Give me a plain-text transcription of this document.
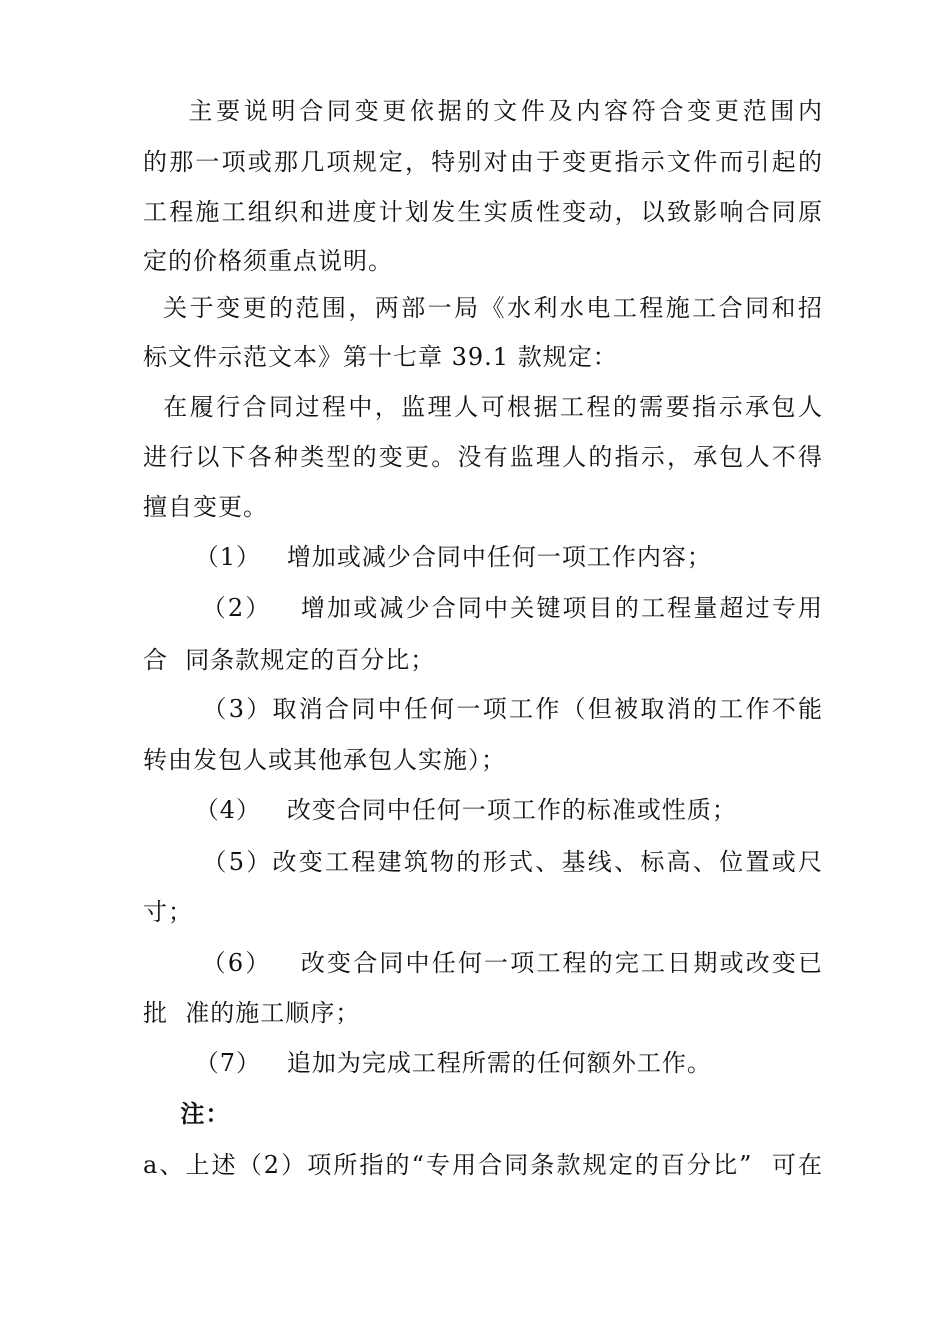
主要说明合同变更依据的文件及内容符合变更范围内
的那一项或那几项规定，特别对由于变更指示文件而引起的
工程施工组织和进度计划发生实质性变动，以致影响合同原
定的价格须重点说明。
关于变更的范围，两部一局《水利水电工程施工合同和招
标文件示范文本》第十七章 39.1 款规定：
在履行合同过程中，监理人可根据工程的需要指示承包人
进行以下各种类型的变更。没有监理人的指示，承包人不得
擅自变更。
（1）   增加或减少合同中任何一项工作内容；
（2）   增加或减少合同中关键项目的工程量超过专用
合  同条款规定的百分比；
（3）取消合同中任何一项工作（但被取消的工作不能
转由发包人或其他承包人实施）；
（4）   改变合同中任何一项工作的标准或性质；
（5）改变工程建筑物的形式、基线、标高、位置或尺
寸；
（6）   改变合同中任何一项工程的完工日期或改变已
批  准的施工顺序；
（7）   追加为完成工程所需的任何额外工作。
注：
a、上述（2）项所指的“专用合同条款规定的百分比”  可在
